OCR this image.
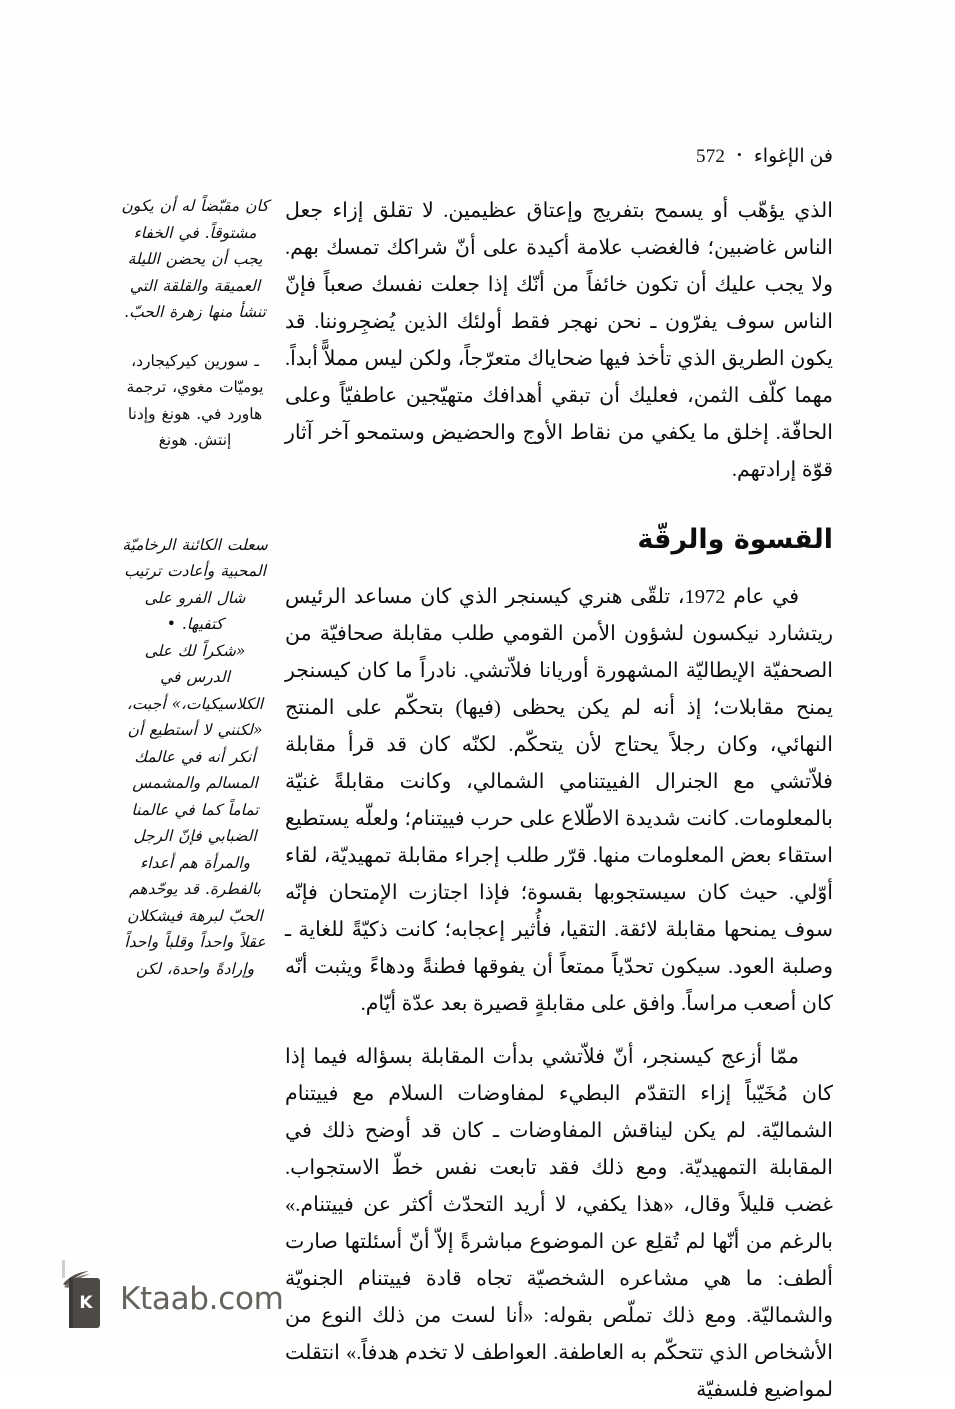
فن الإغواء•572

الذي يؤهّب أو يسمح بتفريج وإعتاق عظيمين. لا تقلق إزاء جعل الناس غاضبين؛ فالغضب علامة أكيدة على أنّ شراكك تمسك بهم. ولا يجب عليك أن تكون خائفاً من أنّك إذا جعلت نفسك صعباً فإنّ الناس سوف يفرّون ـ نحن نهجر فقط أولئك الذين يُضجِروننا. قد يكون الطريق الذي تأخذ فيها ضحاياك متعرّجاً، ولكن ليس مملاًّ أبداً. مهما كلّف الثمن، فعليك أن تبقي أهدافك متهيّجين عاطفيّاً وعلى الحافّة. إخلق ما يكفي من نقاط الأوج والحضيض وستمحو آخر آثار قوّة إرادتهم.

القسوة والرقّة

في عام 1972، تلقّى هنري كيسنجر الذي كان مساعد الرئيس ريتشارد نيكسون لشؤون الأمن القومي طلب مقابلة صحافيّة من الصحفيّة الإيطاليّة المشهورة أوريانا فلاّتشي. نادراً ما كان كيسنجر يمنح مقابلات؛ إذ أنه لم يكن يحظى (فيها) بتحكّم على المنتج النهائي، وكان رجلاً يحتاج لأن يتحكّم. لكنّه كان قد قرأ مقابلة فلاّتشي مع الجنرال الفييتنامي الشمالي، وكانت مقابلةً غنيّة بالمعلومات. كانت شديدة الاطّلاع على حرب فييتنام؛ ولعلّه يستطيع استقاء بعض المعلومات منها. قرّر طلب إجراء مقابلة تمهيديّة، لقاء أوّلي. حيث كان سيستجوبها بقسوة؛ فإذا اجتازت الإمتحان فإنّه سوف يمنحها مقابلة لائقة. التقيا، فأُثير إعجابه؛ كانت ذكيّةً للغاية ـ وصلبة العود. سيكون تحدّياً ممتعاً أن يفوقها فطنةً ودهاءً ويثبت أنّه كان أصعب مراساً. وافق على مقابلةٍ قصيرة بعد عدّة أيّام.

ممّا أزعج كيسنجر، أنّ فلاّتشي بدأت المقابلة بسؤاله فيما إذا كان مُخَيّباً إزاء التقدّم البطيء لمفاوضات السلام مع فييتنام الشماليّة. لم يكن ليناقش المفاوضات ـ كان قد أوضح ذلك في المقابلة التمهيديّة. ومع ذلك فقد تابعت نفس خطّ الاستجواب. غضب قليلاً وقال، «هذا يكفي، لا أريد التحدّث أكثر عن فييتنام.» بالرغم من أنّها لم تُقلِع عن الموضوع مباشرةً إلاّ أنّ أسئلتها صارت ألطف: ما هي مشاعره الشخصيّة تجاه قادة فييتنام الجنويّة والشماليّة. ومع ذلك تملّص بقوله: «أنا لست من ذلك النوع من الأشخاص الذي تتحكّم به العاطفة. العواطف لا تخدم هدفاً.» انتقلت لمواضيع فلسفيّة

كان مقبّضاً له أن يكون مشتوقاً. في الخفاء يجب أن يحضن الليلة العميقة والقلقة التي تنشأ منها زهرة الحبّ.
ـ سورين كيركيجارد، يوميّات مغوي، ترجمة هاورد في. هونغ وإدنا إنتش. هونغ
سعلت الكائنة الرخاميّة المحبية وأعادت ترتيب شال الفرو على كتفيها. •
«شكراً لك على الدرس في الكلاسيكيات،» أجبت، «لكنني لا أستطيع أن أنكر أنه في عالمك المسالم والمشمس تماماً كما في عالمنا الضبابي فإنّ الرجل والمرأة هم أعداء بالفطرة. قد يوحّدهم الحبّ لبرهة فيشكلان عقلاً واحداً وقلباً واحداً وإرادةً واحدة، لكن
K Ktaab.com
